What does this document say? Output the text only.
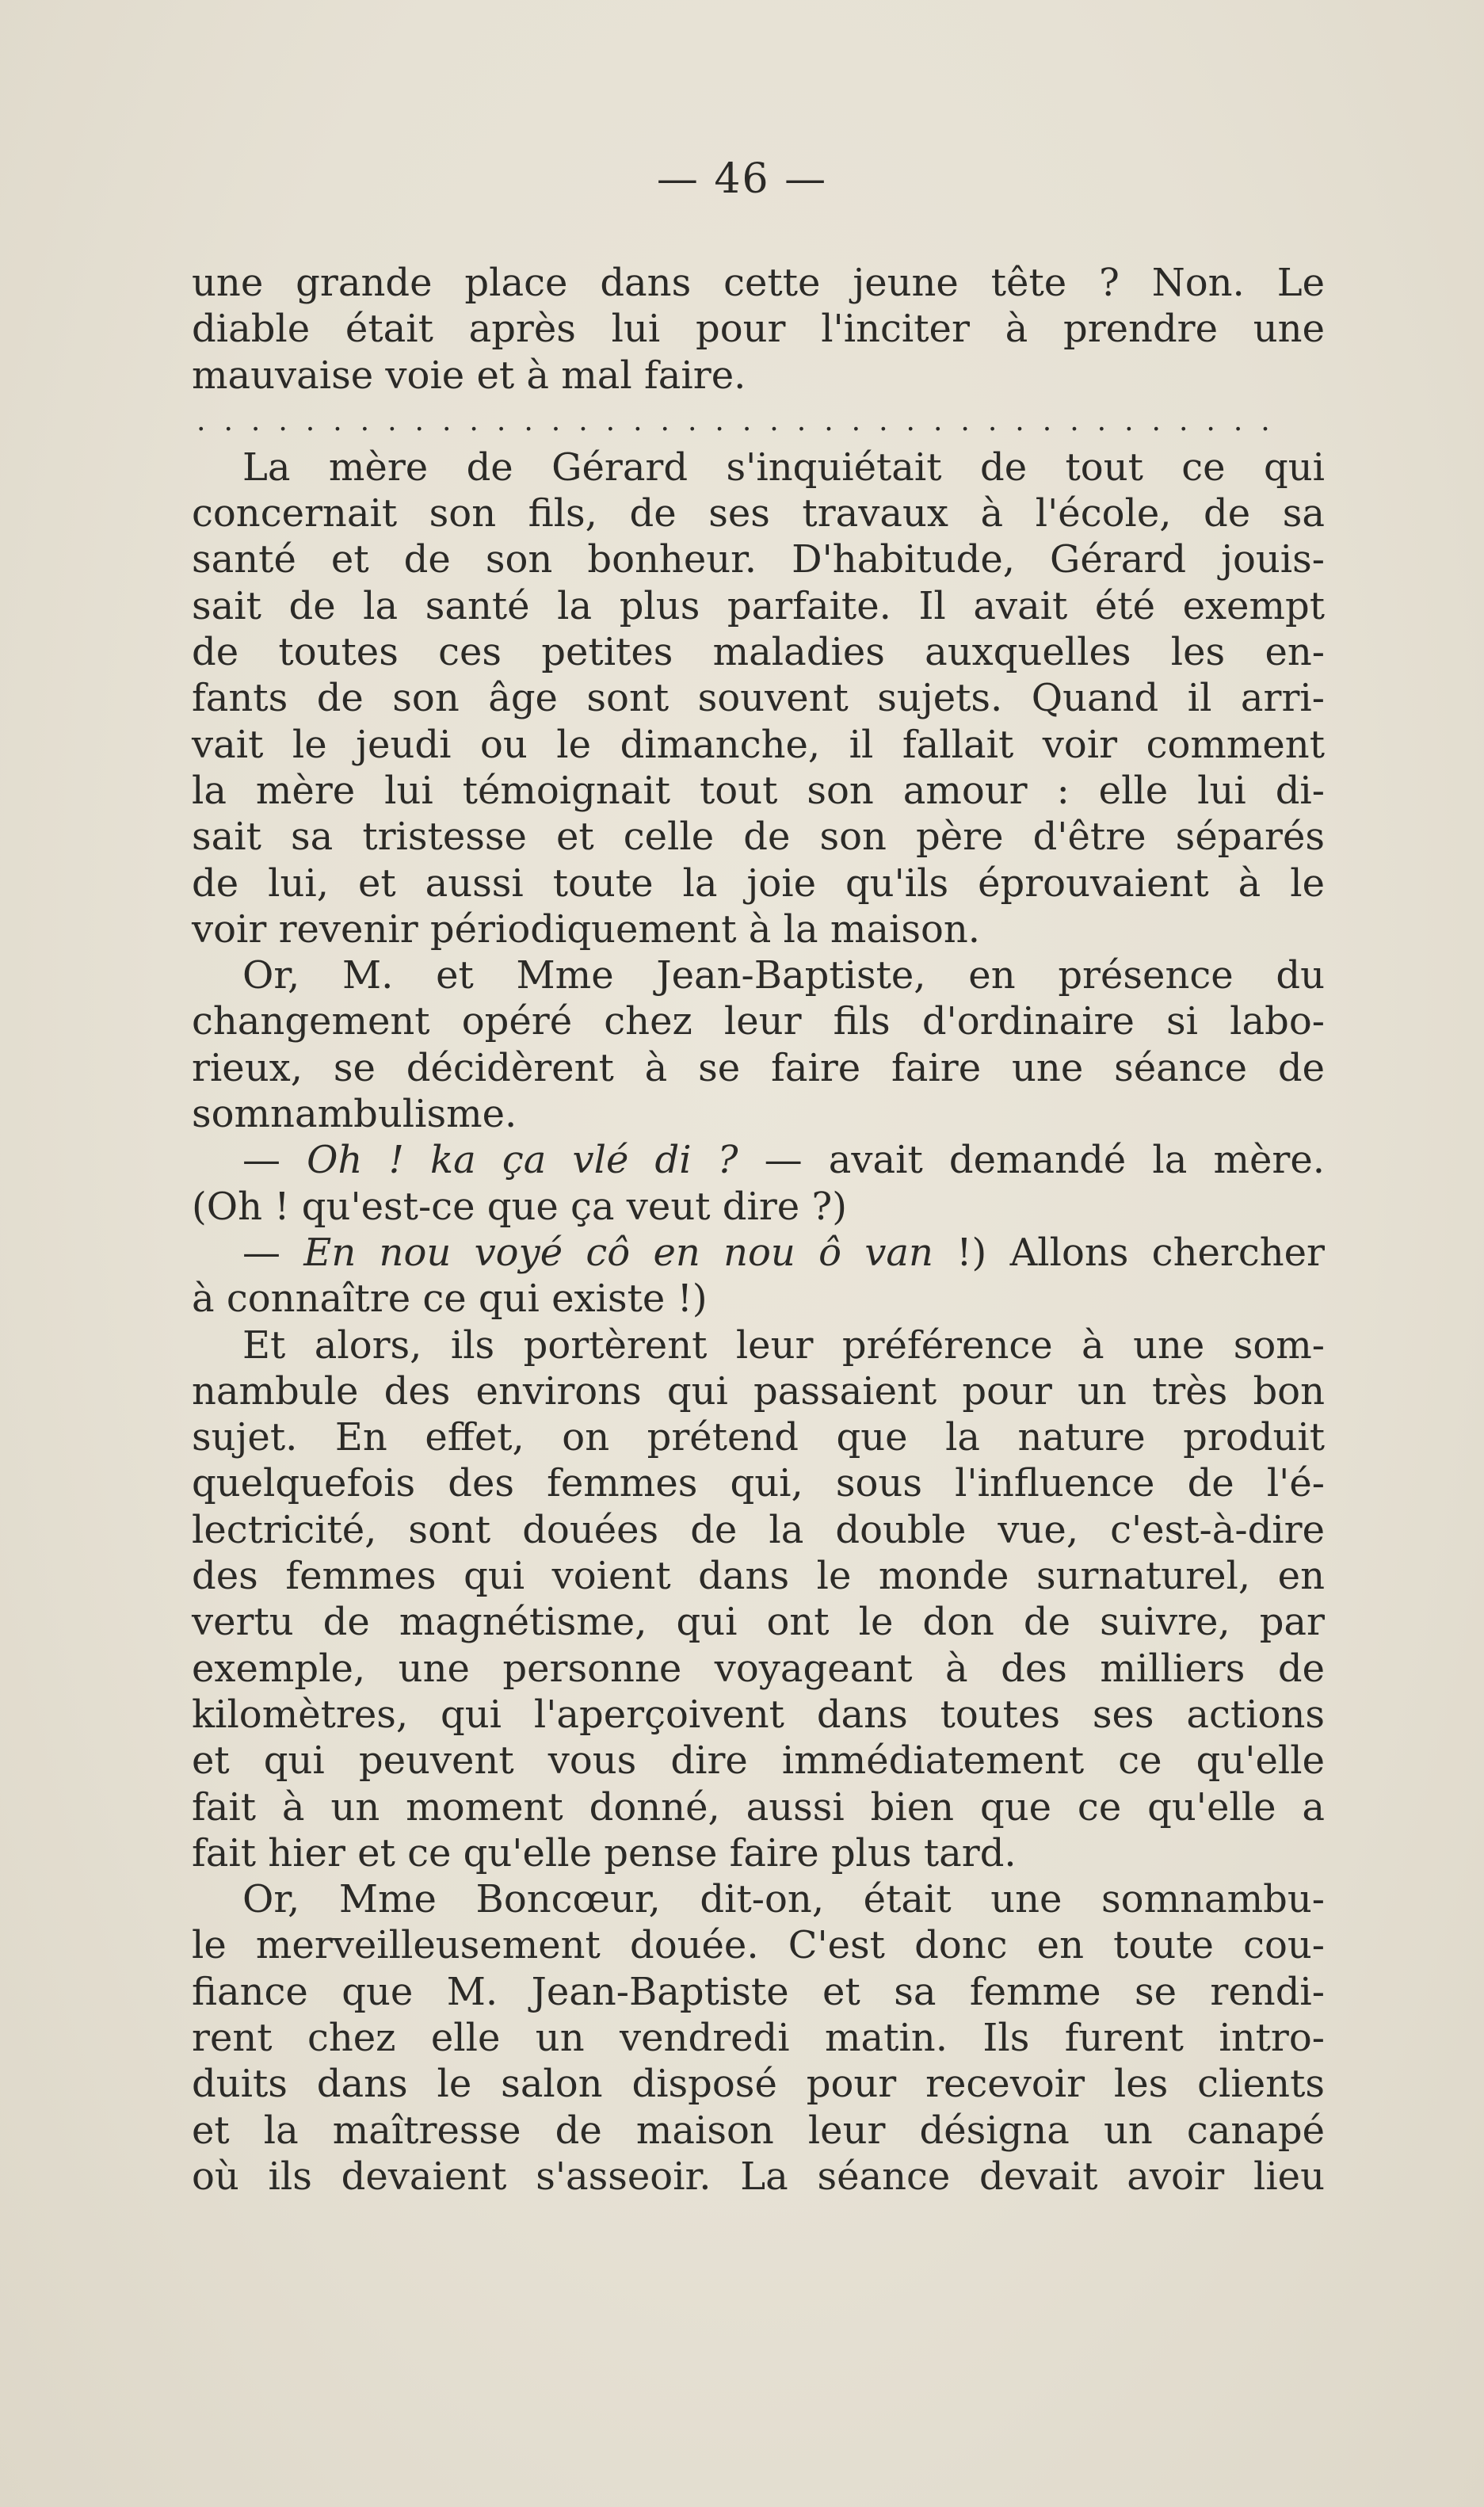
— 46 —
une grande place dans cette jeune tête ? Non. Le
diable était après lui pour l'inciter à prendre une
mauvaise voie et à mal faire.
........................................
La mère de Gérard s'inquiétait de tout ce qui
concernait son fils, de ses travaux à l'école, de sa
santé et de son bonheur. D'habitude, Gérard jouis-
sait de la santé la plus parfaite. Il avait été exempt
de toutes ces petites maladies auxquelles les en-
fants de son âge sont souvent sujets. Quand il arri-
vait le jeudi ou le dimanche, il fallait voir comment
la mère lui témoignait tout son amour : elle lui di-
sait sa tristesse et celle de son père d'être séparés
de lui, et aussi toute la joie qu'ils éprouvaient à le
voir revenir périodiquement à la maison.
Or, M. et Mme Jean-Baptiste, en présence du
changement opéré chez leur fils d'ordinaire si labo-
rieux, se décidèrent à se faire faire une séance de
somnambulisme.
— Oh ! ka ça vlé di ? — avait demandé la mère.
(Oh ! qu'est-ce que ça veut dire ?)
— En nou voyé cô en nou ô van !) Allons chercher
à connaître ce qui existe !)
Et alors, ils portèrent leur préférence à une som-
nambule des environs qui passaient pour un très bon
sujet. En effet, on prétend que la nature produit
quelquefois des femmes qui, sous l'influence de l'é-
lectricité, sont douées de la double vue, c'est-à-dire
des femmes qui voient dans le monde surnaturel, en
vertu de magnétisme, qui ont le don de suivre, par
exemple, une personne voyageant à des milliers de
kilomètres, qui l'aperçoivent dans toutes ses actions
et qui peuvent vous dire immédiatement ce qu'elle
fait à un moment donné, aussi bien que ce qu'elle a
fait hier et ce qu'elle pense faire plus tard.
Or, Mme Boncœur, dit-on, était une somnambu-
le merveilleusement douée. C'est donc en toute cou-
fiance que M. Jean-Baptiste et sa femme se rendi-
rent chez elle un vendredi matin. Ils furent intro-
duits dans le salon disposé pour recevoir les clients
et la maîtresse de maison leur désigna un canapé
où ils devaient s'asseoir. La séance devait avoir lieu
